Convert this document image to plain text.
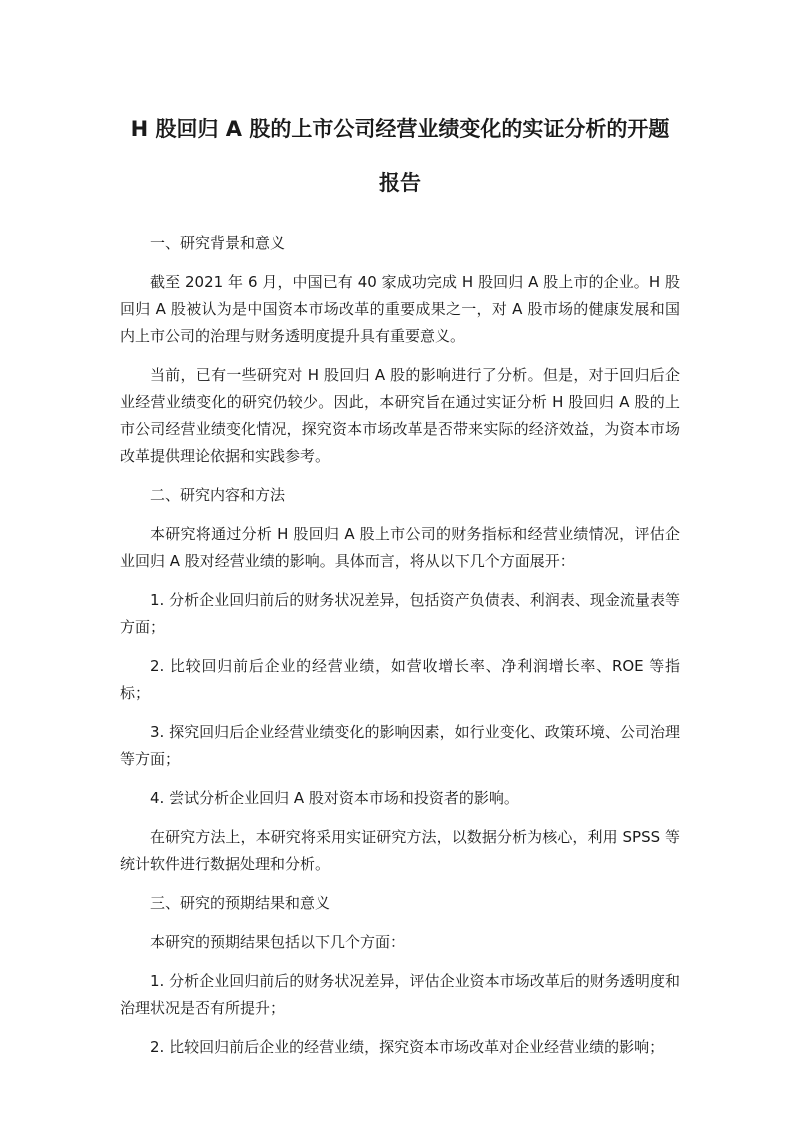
H 股回归 A 股的上市公司经营业绩变化的实证分析的开题
报告

一、研究背景和意义

截至 2021 年 6 月，中国已有 40 家成功完成 H 股回归 A 股上市的企业。H 股回归 A 股被认为是中国资本市场改革的重要成果之一，对 A 股市场的健康发展和国内上市公司的治理与财务透明度提升具有重要意义。

当前，已有一些研究对 H 股回归 A 股的影响进行了分析。但是，对于回归后企业经营业绩变化的研究仍较少。因此，本研究旨在通过实证分析 H 股回归 A 股的上市公司经营业绩变化情况，探究资本市场改革是否带来实际的经济效益，为资本市场改革提供理论依据和实践参考。

二、研究内容和方法

本研究将通过分析 H 股回归 A 股上市公司的财务指标和经营业绩情况，评估企业回归 A 股对经营业绩的影响。具体而言，将从以下几个方面展开：

1. 分析企业回归前后的财务状况差异，包括资产负债表、利润表、现金流量表等方面；

2. 比较回归前后企业的经营业绩，如营收增长率、净利润增长率、ROE 等指标；

3. 探究回归后企业经营业绩变化的影响因素，如行业变化、政策环境、公司治理等方面；

4. 尝试分析企业回归 A 股对资本市场和投资者的影响。

在研究方法上，本研究将采用实证研究方法，以数据分析为核心，利用 SPSS 等统计软件进行数据处理和分析。

三、研究的预期结果和意义

本研究的预期结果包括以下几个方面：

1. 分析企业回归前后的财务状况差异，评估企业资本市场改革后的财务透明度和治理状况是否有所提升；

2. 比较回归前后企业的经营业绩，探究资本市场改革对企业经营业绩的影响；
